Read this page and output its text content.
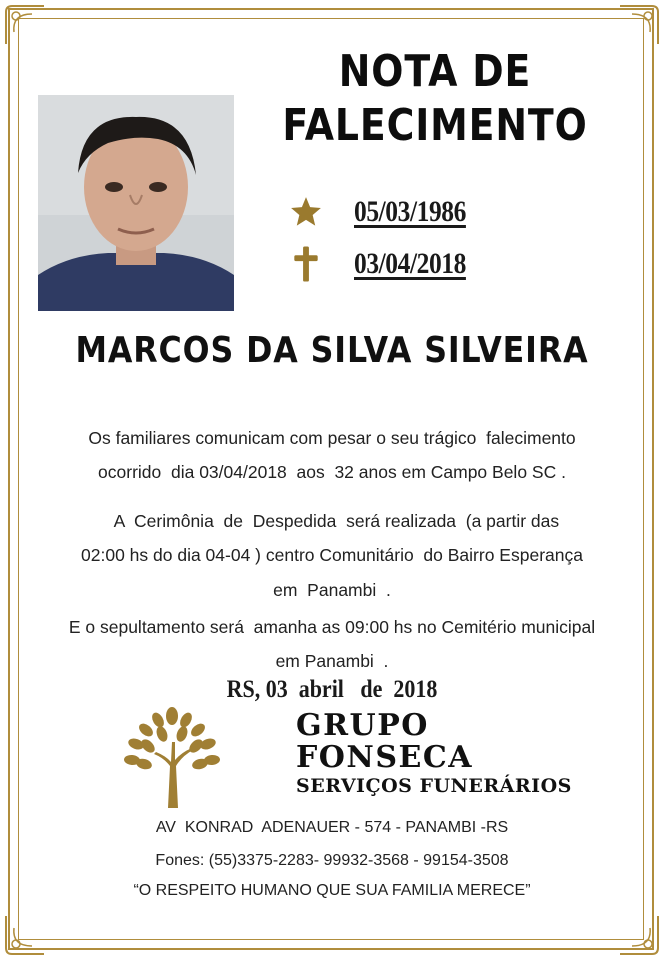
NOTA DE
FALECIMENTO
05/03/1986
03/04/2018
MARCOS DA SILVA SILVEIRA
Os familiares comunicam com pesar o seu trágico  falecimento
ocorrido  dia 03/04/2018  aos  32 anos em Campo Belo SC .
A  Cerimônia  de  Despedida  será realizada  (a partir das
02:00 hs do dia 04-04 ) centro Comunitário  do Bairro Esperança
em  Panambi  .
E o sepultamento será  amanha as 09:00 hs no Cemitério municipal
em Panambi  .
RS, 03  abril   de  2018
GRUPO
FONSECA
SERVIÇOS FUNERÁRIOS
AV  KONRAD  ADENAUER - 574 - PANAMBI -RS
Fones: (55)3375-2283- 99932-3568 - 99154-3508
“O RESPEITO HUMANO QUE SUA FAMILIA MERECE”
